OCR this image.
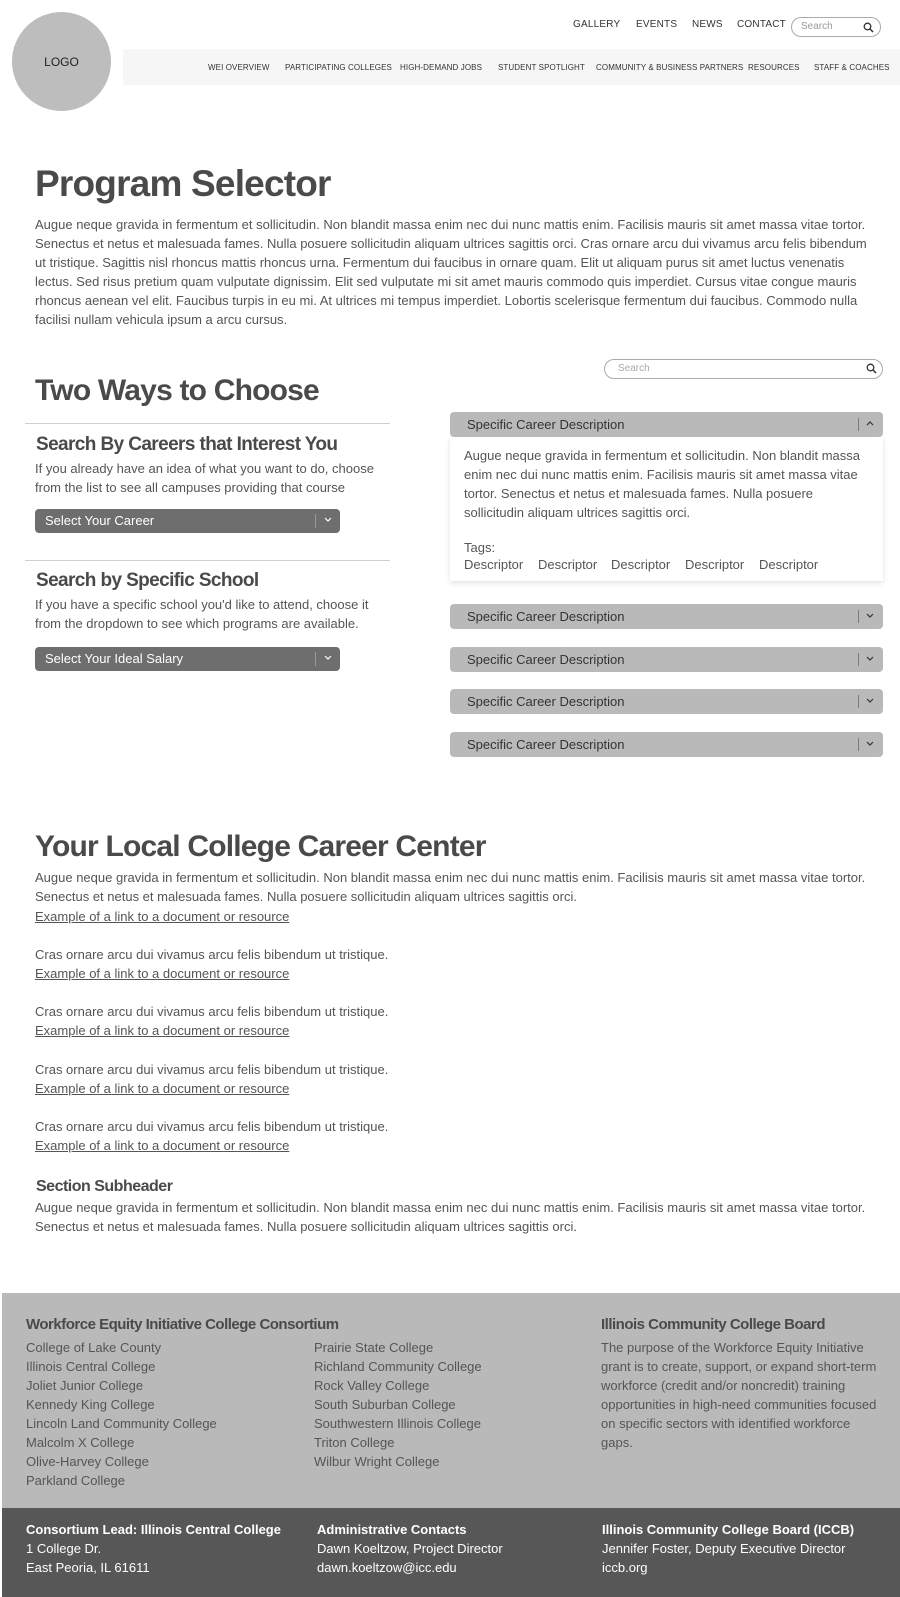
LOGO
GALLERY EVENTS NEWS CONTACT	Search
WEI OVERVIEW PARTICIPATING COLLEGES HIGH-DEMAND JOBS STUDENT SPOTLIGHT COMMUNITY & BUSINESS PARTNERS RESOURCES STAFF & COACHES
Program Selector

Augue neque gravida in fermentum et sollicitudin. Non blandit massa enim nec dui nunc mattis enim. Facilisis mauris sit amet massa vitae tortor. Senectus et netus et malesuada fames. Nulla posuere sollicitudin aliquam ultrices sagittis orci. Cras ornare arcu dui vivamus arcu felis bibendum ut tristique. Sagittis nisl rhoncus mattis rhoncus urna. Fermentum dui faucibus in ornare quam. Elit ut aliquam purus sit amet luctus venenatis lectus. Sed risus pretium quam vulputate dignissim. Elit sed vulputate mi sit amet mauris commodo quis imperdiet. Cursus vitae congue mauris rhoncus aenean vel elit. Faucibus turpis in eu mi. At ultrices mi tempus imperdiet. Lobortis scelerisque fermentum dui faucibus. Commodo nulla facilisi nullam vehicula ipsum a arcu cursus.

Search
Two Ways to Choose
Search By Careers that Interest You

If you already have an idea of what you want to do, choose from the list to see all campuses providing that course

Select Your Career
Search by Specific School

If you have a specific school you'd like to attend, choose it from the dropdown to see which programs are available.

Select Your Ideal Salary
Specific Career Description

Augue neque gravida in fermentum et sollicitudin. Non blandit massa enim nec dui nunc mattis enim. Facilisis mauris sit amet massa vitae tortor. Senectus et netus et malesuada fames. Nulla posuere sollicitudin aliquam ultrices sagittis orci.

Tags:
Descriptor Descriptor Descriptor Descriptor Descriptor
Specific Career Description
Specific Career Description
Specific Career Description
Specific Career Description
Your Local College Career Center

Augue neque gravida in fermentum et sollicitudin. Non blandit massa enim nec dui nunc mattis enim. Facilisis mauris sit amet massa vitae tortor. Senectus et netus et malesuada fames. Nulla posuere sollicitudin aliquam ultrices sagittis orci.

Example of a link to a document or resource

Cras ornare arcu dui vivamus arcu felis bibendum ut tristique.

Example of a link to a document or resource

Cras ornare arcu dui vivamus arcu felis bibendum ut tristique.

Example of a link to a document or resource

Cras ornare arcu dui vivamus arcu felis bibendum ut tristique.

Example of a link to a document or resource

Cras ornare arcu dui vivamus arcu felis bibendum ut tristique.

Example of a link to a document or resource
Section Subheader

Augue neque gravida in fermentum et sollicitudin. Non blandit massa enim nec dui nunc mattis enim. Facilisis mauris sit amet massa vitae tortor. Senectus et netus et malesuada fames. Nulla posuere sollicitudin aliquam ultrices sagittis orci.

Workforce Equity Initiative College Consortium
College of Lake County
Illinois Central College
Joliet Junior College
Kennedy King College
Lincoln Land Community College
Malcolm X College
Olive-Harvey College
Parkland College
Prairie State College
Richland Community College
Rock Valley College
South Suburban College
Southwestern Illinois College
Triton College
Wilbur Wright College
Illinois Community College Board

The purpose of the Workforce Equity Initiative grant is to create, support, or expand short-term workforce (credit and/or noncredit) training opportunities in high-need communities focused on specific sectors with identified workforce gaps.

Consortium Lead: Illinois Central College
1 College Dr.
East Peoria, IL 61611
Administrative Contacts
Dawn Koeltzow, Project Director
dawn.koeltzow@icc.edu
Illinois Community College Board (ICCB)
Jennifer Foster, Deputy Executive Director
iccb.org
